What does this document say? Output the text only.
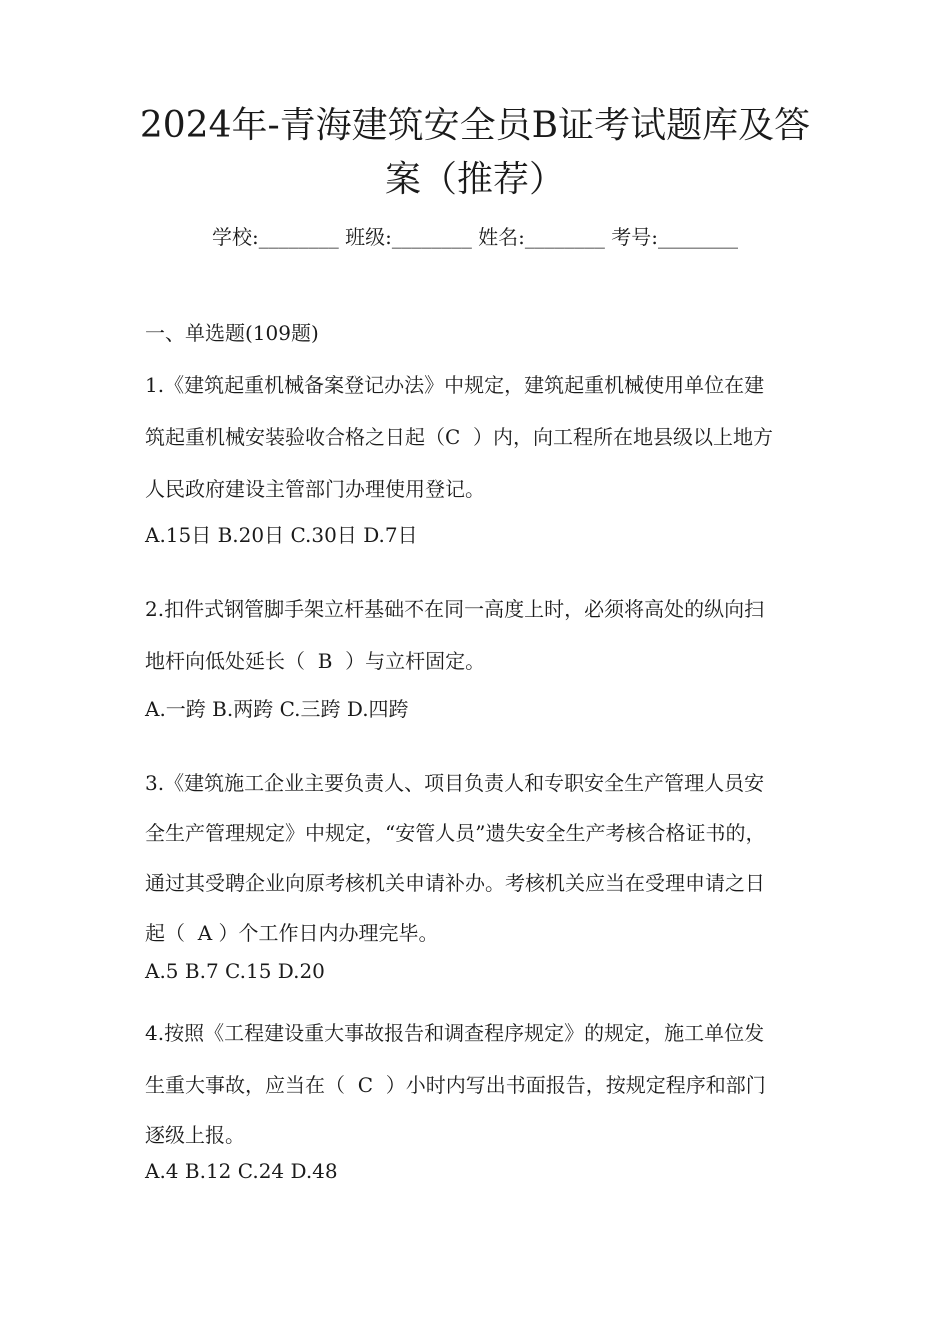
2024年-青海建筑安全员B证考试题库及答
案（推荐）
学校:________ 班级:________ 姓名:________ 考号:________
一、单选题(109题)
1.《建筑起重机械备案登记办法》中规定，建筑起重机械使用单位在建
筑起重机械安装验收合格之日起（C  ）内，向工程所在地县级以上地方
人民政府建设主管部门办理使用登记。
A.15日 B.20日 C.30日 D.7日
2.扣件式钢管脚手架立杆基础不在同一高度上时，必须将高处的纵向扫
地杆向低处延长（  B  ）与立杆固定。
A.一跨 B.两跨 C.三跨 D.四跨
3.《建筑施工企业主要负责人、项目负责人和专职安全生产管理人员安
全生产管理规定》中规定，“安管人员”遗失安全生产考核合格证书的，
通过其受聘企业向原考核机关申请补办。考核机关应当在受理申请之日
起（  A ）个工作日内办理完毕。
A.5 B.7 C.15 D.20
4.按照《工程建设重大事故报告和调查程序规定》的规定，施工单位发
生重大事故，应当在（  C  ）小时内写出书面报告，按规定程序和部门
逐级上报。
A.4 B.12 C.24 D.48
